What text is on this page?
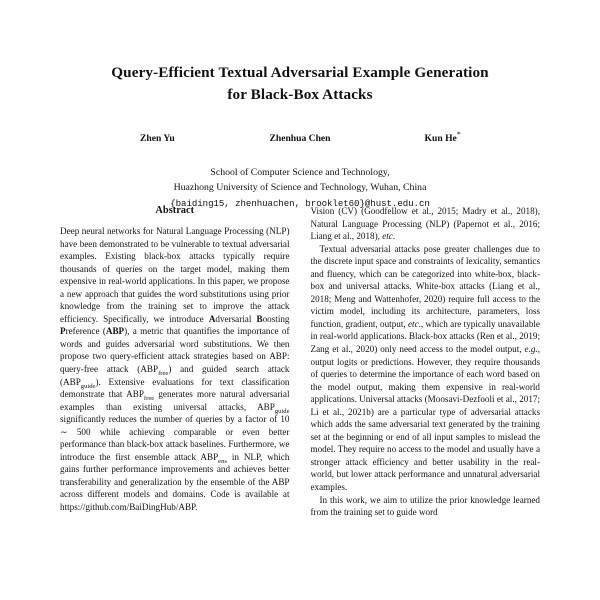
Query-Efficient Textual Adversarial Example Generation
for Black-Box Attacks
Zhen Yu	Zhenhua Chen	Kun He*
School of Computer Science and Technology,
Huazhong University of Science and Technology, Wuhan, China
{baiding15, zhenhuachen, brooklet60}@hust.edu.cn
Abstract

Deep neural networks for Natural Language Processing (NLP) have been demonstrated to be vulnerable to textual adversarial examples. Existing black-box attacks typically require thousands of queries on the target model, making them expensive in real-world applications. In this paper, we propose a new approach that guides the word substitutions using prior knowledge from the training set to improve the attack efficiency. Specifically, we introduce Adversarial Boosting Preference (ABP), a metric that quantifies the importance of words and guides adversarial word substitutions. We then propose two query-efficient attack strategies based on ABP: query-free attack $(ABP_{free})$ and guided search attack $(ABP_{guide})$. Extensive evaluations for text classification demonstrate that $ABP_{free}$ generates more natural adversarial examples than existing universal attacks, $ABP_{guide}$ significantly reduces the number of queries by a factor of 10 ∼ 500 while achieving comparable or even better performance than black-box attack baselines. Furthermore, we introduce the first ensemble attack $ABP_{ens}$ in NLP, which gains further performance improvements and achieves better transferability and generalization by the ensemble of the ABP across different models and domains. Code is available at https://github.com/BaiDingHub/ABP.

Vision (CV) (Goodfellow et al., 2015; Madry et al., 2018), Natural Language Processing (NLP) (Papernot et al., 2016; Liang et al., 2018), etc.

Textual adversarial attacks pose greater challenges due to the discrete input space and constraints of lexicality, semantics and fluency, which can be categorized into white-box, black-box and universal attacks. White-box attacks (Liang et al., 2018; Meng and Wattenhofer, 2020) require full access to the victim model, including its architecture, parameters, loss function, gradient, output, etc., which are typically unavailable in real-world applications. Black-box attacks (Ren et al., 2019; Zang et al., 2020) only need access to the model output, e.g., output logits or predictions. However, they require thousands of queries to determine the importance of each word based on the model output, making them expensive in real-world applications. Universal attacks (Moosavi-Dezfooli et al., 2017; Li et al., 2021b) are a particular type of adversarial attacks which adds the same adversarial text generated by the training set at the beginning or end of all input samples to mislead the model. They require no access to the model and usually have a stronger attack efficiency and better usability in the real-world, but lower attack performance and unnatural adversarial examples.

In this work, we aim to utilize the prior knowledge learned from the training set to guide word
